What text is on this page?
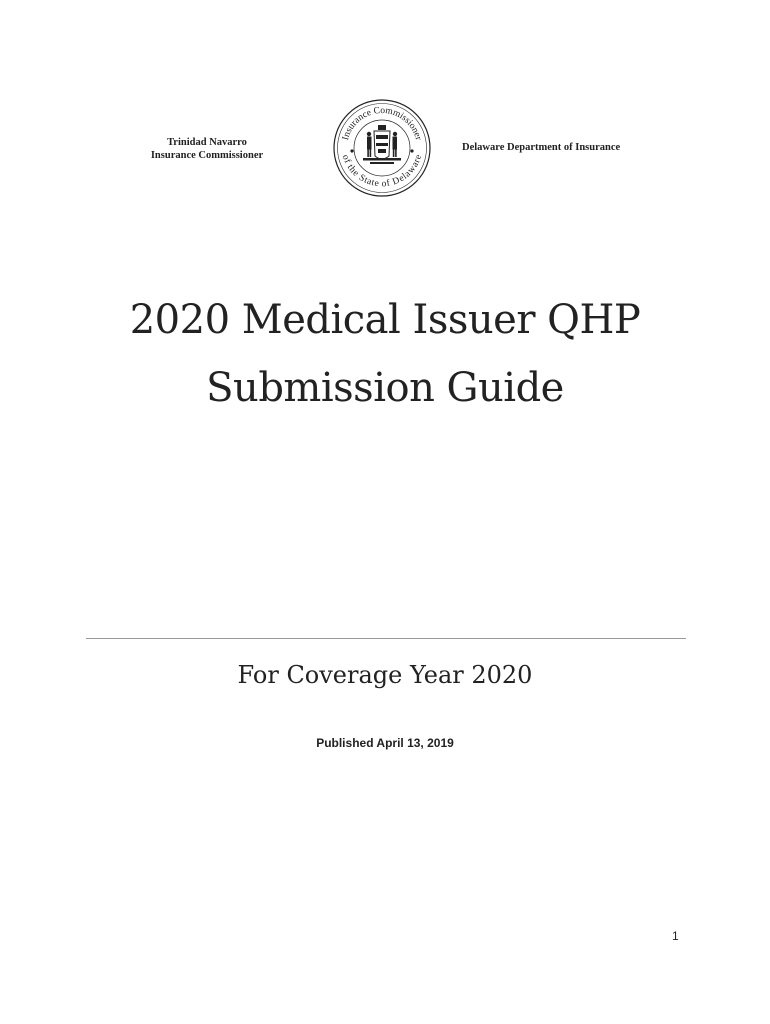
Trinidad Navarro
Insurance Commissioner
Insurance Commissioner
of the State of Delaware
Delaware Department of Insurance
2020 Medical Issuer QHP
Submission Guide
For Coverage Year 2020
Published April 13, 2019
1
